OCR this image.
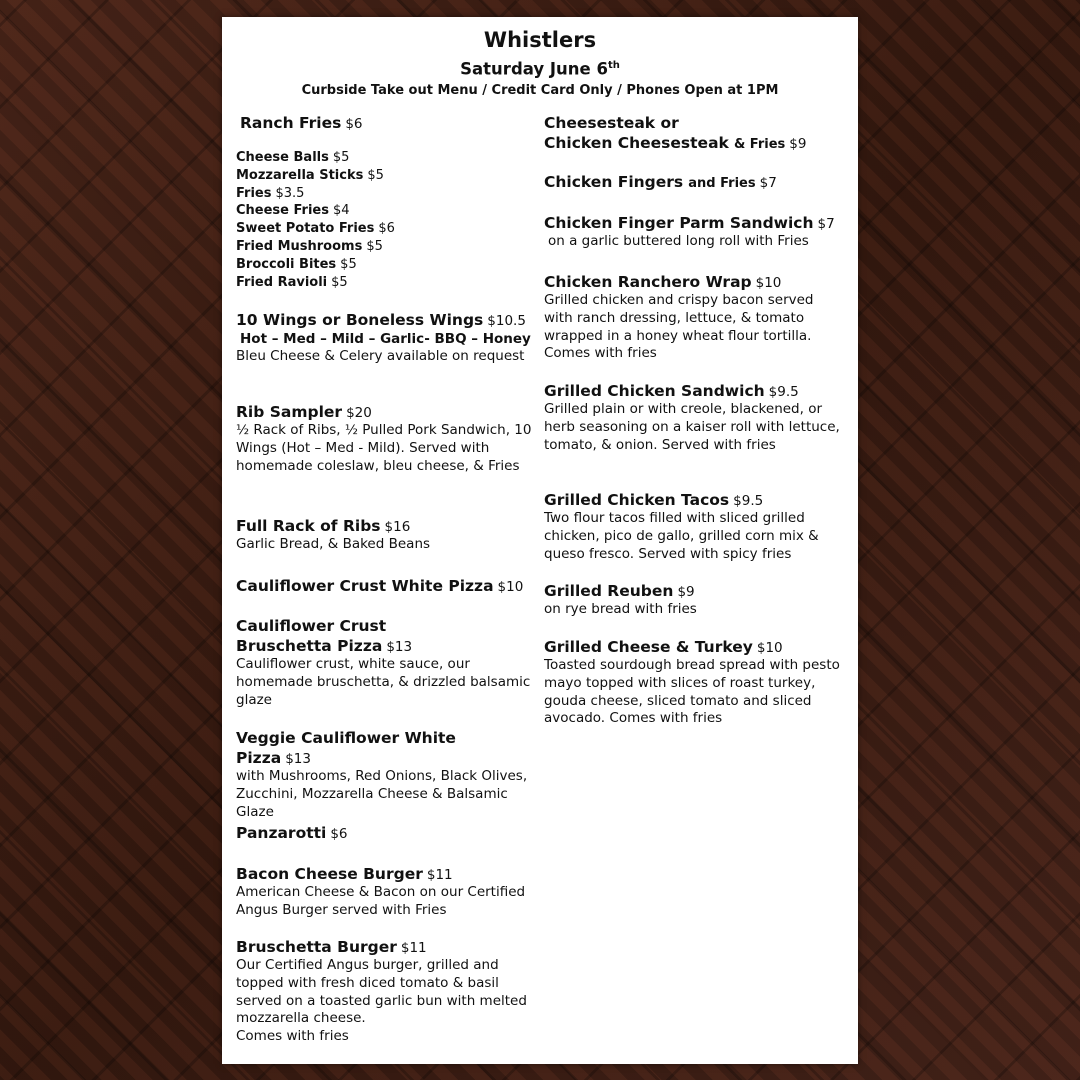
Whistlers
Saturday June 6th
Curbside Take out Menu / Credit Card Only / Phones Open at 1PM
Ranch Fries $6
Cheese Balls $5
Mozzarella Sticks $5
Fries $3.5
Cheese Fries $4
Sweet Potato Fries $6
Fried Mushrooms $5
Broccoli Bites $5
Fried Ravioli $5
10 Wings or Boneless Wings $10.5
Hot – Med – Mild – Garlic- BBQ – Honey
Bleu Cheese & Celery available on request
Rib Sampler $20
½ Rack of Ribs, ½ Pulled Pork Sandwich, 10 Wings (Hot – Med - Mild). Served with homemade coleslaw, bleu cheese, & Fries
Full Rack of Ribs $16
Garlic Bread, & Baked Beans
Cauliflower Crust White Pizza $10
Cauliflower Crust
Bruschetta Pizza $13
Cauliflower crust, white sauce, our homemade bruschetta, & drizzled balsamic glaze
Veggie Cauliflower White Pizza $13
with Mushrooms, Red Onions, Black Olives, Zucchini, Mozzarella Cheese & Balsamic Glaze
Panzarotti $6
Bacon Cheese Burger $11
American Cheese & Bacon on our Certified Angus Burger served with Fries
Bruschetta Burger $11
Our Certified Angus burger, grilled and topped with fresh diced tomato & basil served on a toasted garlic bun with melted mozzarella cheese.
Comes with fries
Cheesesteak or
Chicken Cheesesteak & Fries $9
Chicken Fingers and Fries $7
Chicken Finger Parm Sandwich $7
on a garlic buttered long roll with Fries
Chicken Ranchero Wrap $10
Grilled chicken and crispy bacon served with ranch dressing, lettuce, & tomato wrapped in a honey wheat flour tortilla. Comes with fries
Grilled Chicken Sandwich $9.5
Grilled plain or with creole, blackened, or herb seasoning on a kaiser roll with lettuce, tomato, & onion. Served with fries
Grilled Chicken Tacos $9.5
Two flour tacos filled with sliced grilled chicken, pico de gallo, grilled corn mix & queso fresco. Served with spicy fries
Grilled Reuben $9
on rye bread with fries
Grilled Cheese & Turkey $10
Toasted sourdough bread spread with pesto mayo topped with slices of roast turkey, gouda cheese, sliced tomato and sliced avocado. Comes with fries
